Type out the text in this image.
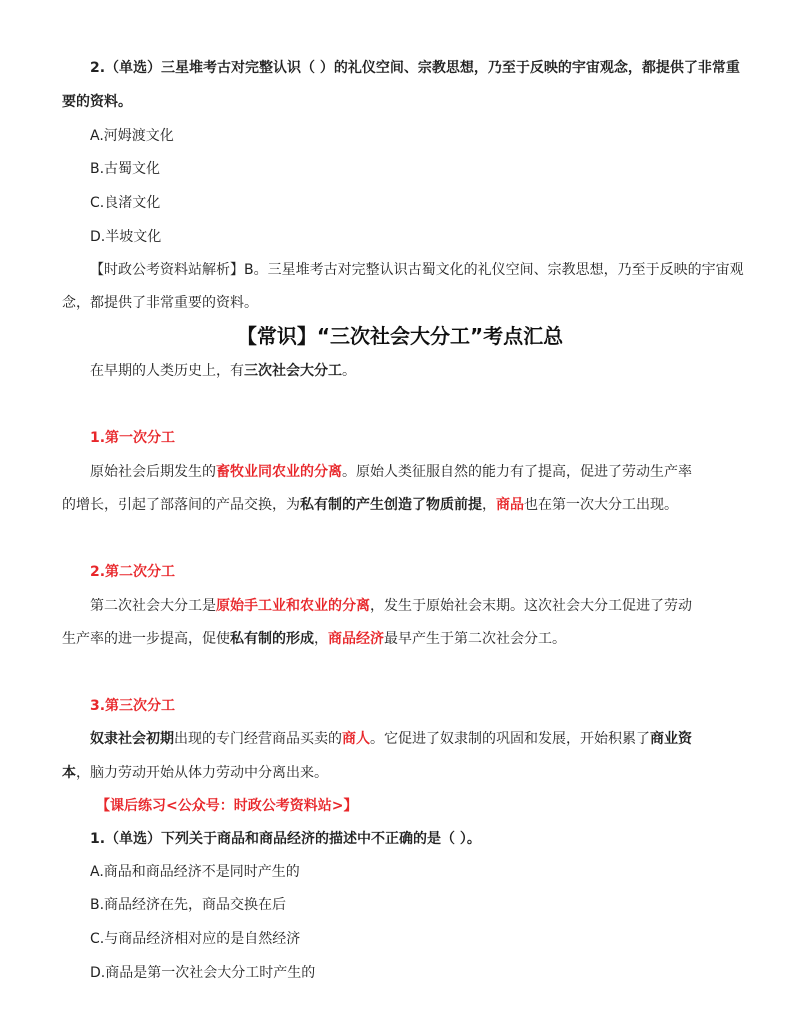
2.（单选）三星堆考古对完整认识（ ）的礼仪空间、宗教思想，乃至于反映的宇宙观念，都提供了非常重
要的资料。
A.河姆渡文化
B.古蜀文化
C.良渚文化
D.半坡文化
【时政公考资料站解析】B。三星堆考古对完整认识古蜀文化的礼仪空间、宗教思想，乃至于反映的宇宙观
念，都提供了非常重要的资料。
【常识】“三次社会大分工”考点汇总
在早期的人类历史上，有三次社会大分工。
1.第一次分工
原始社会后期发生的畜牧业同农业的分离。原始人类征服自然的能力有了提高，促进了劳动生产率
的增长，引起了部落间的产品交换，为私有制的产生创造了物质前提，商品也在第一次大分工出现。
2.第二次分工
第二次社会大分工是原始手工业和农业的分离，发生于原始社会末期。这次社会大分工促进了劳动
生产率的进一步提高，促使私有制的形成，商品经济最早产生于第二次社会分工。
3.第三次分工
奴隶社会初期出现的专门经营商品买卖的商人。它促进了奴隶制的巩固和发展，开始积累了商业资
本，脑力劳动开始从体力劳动中分离出来。
【课后练习<公众号：时政公考资料站>】
1.（单选）下列关于商品和商品经济的描述中不正确的是（ ）。
A.商品和商品经济不是同时产生的
B.商品经济在先，商品交换在后
C.与商品经济相对应的是自然经济
D.商品是第一次社会大分工时产生的
